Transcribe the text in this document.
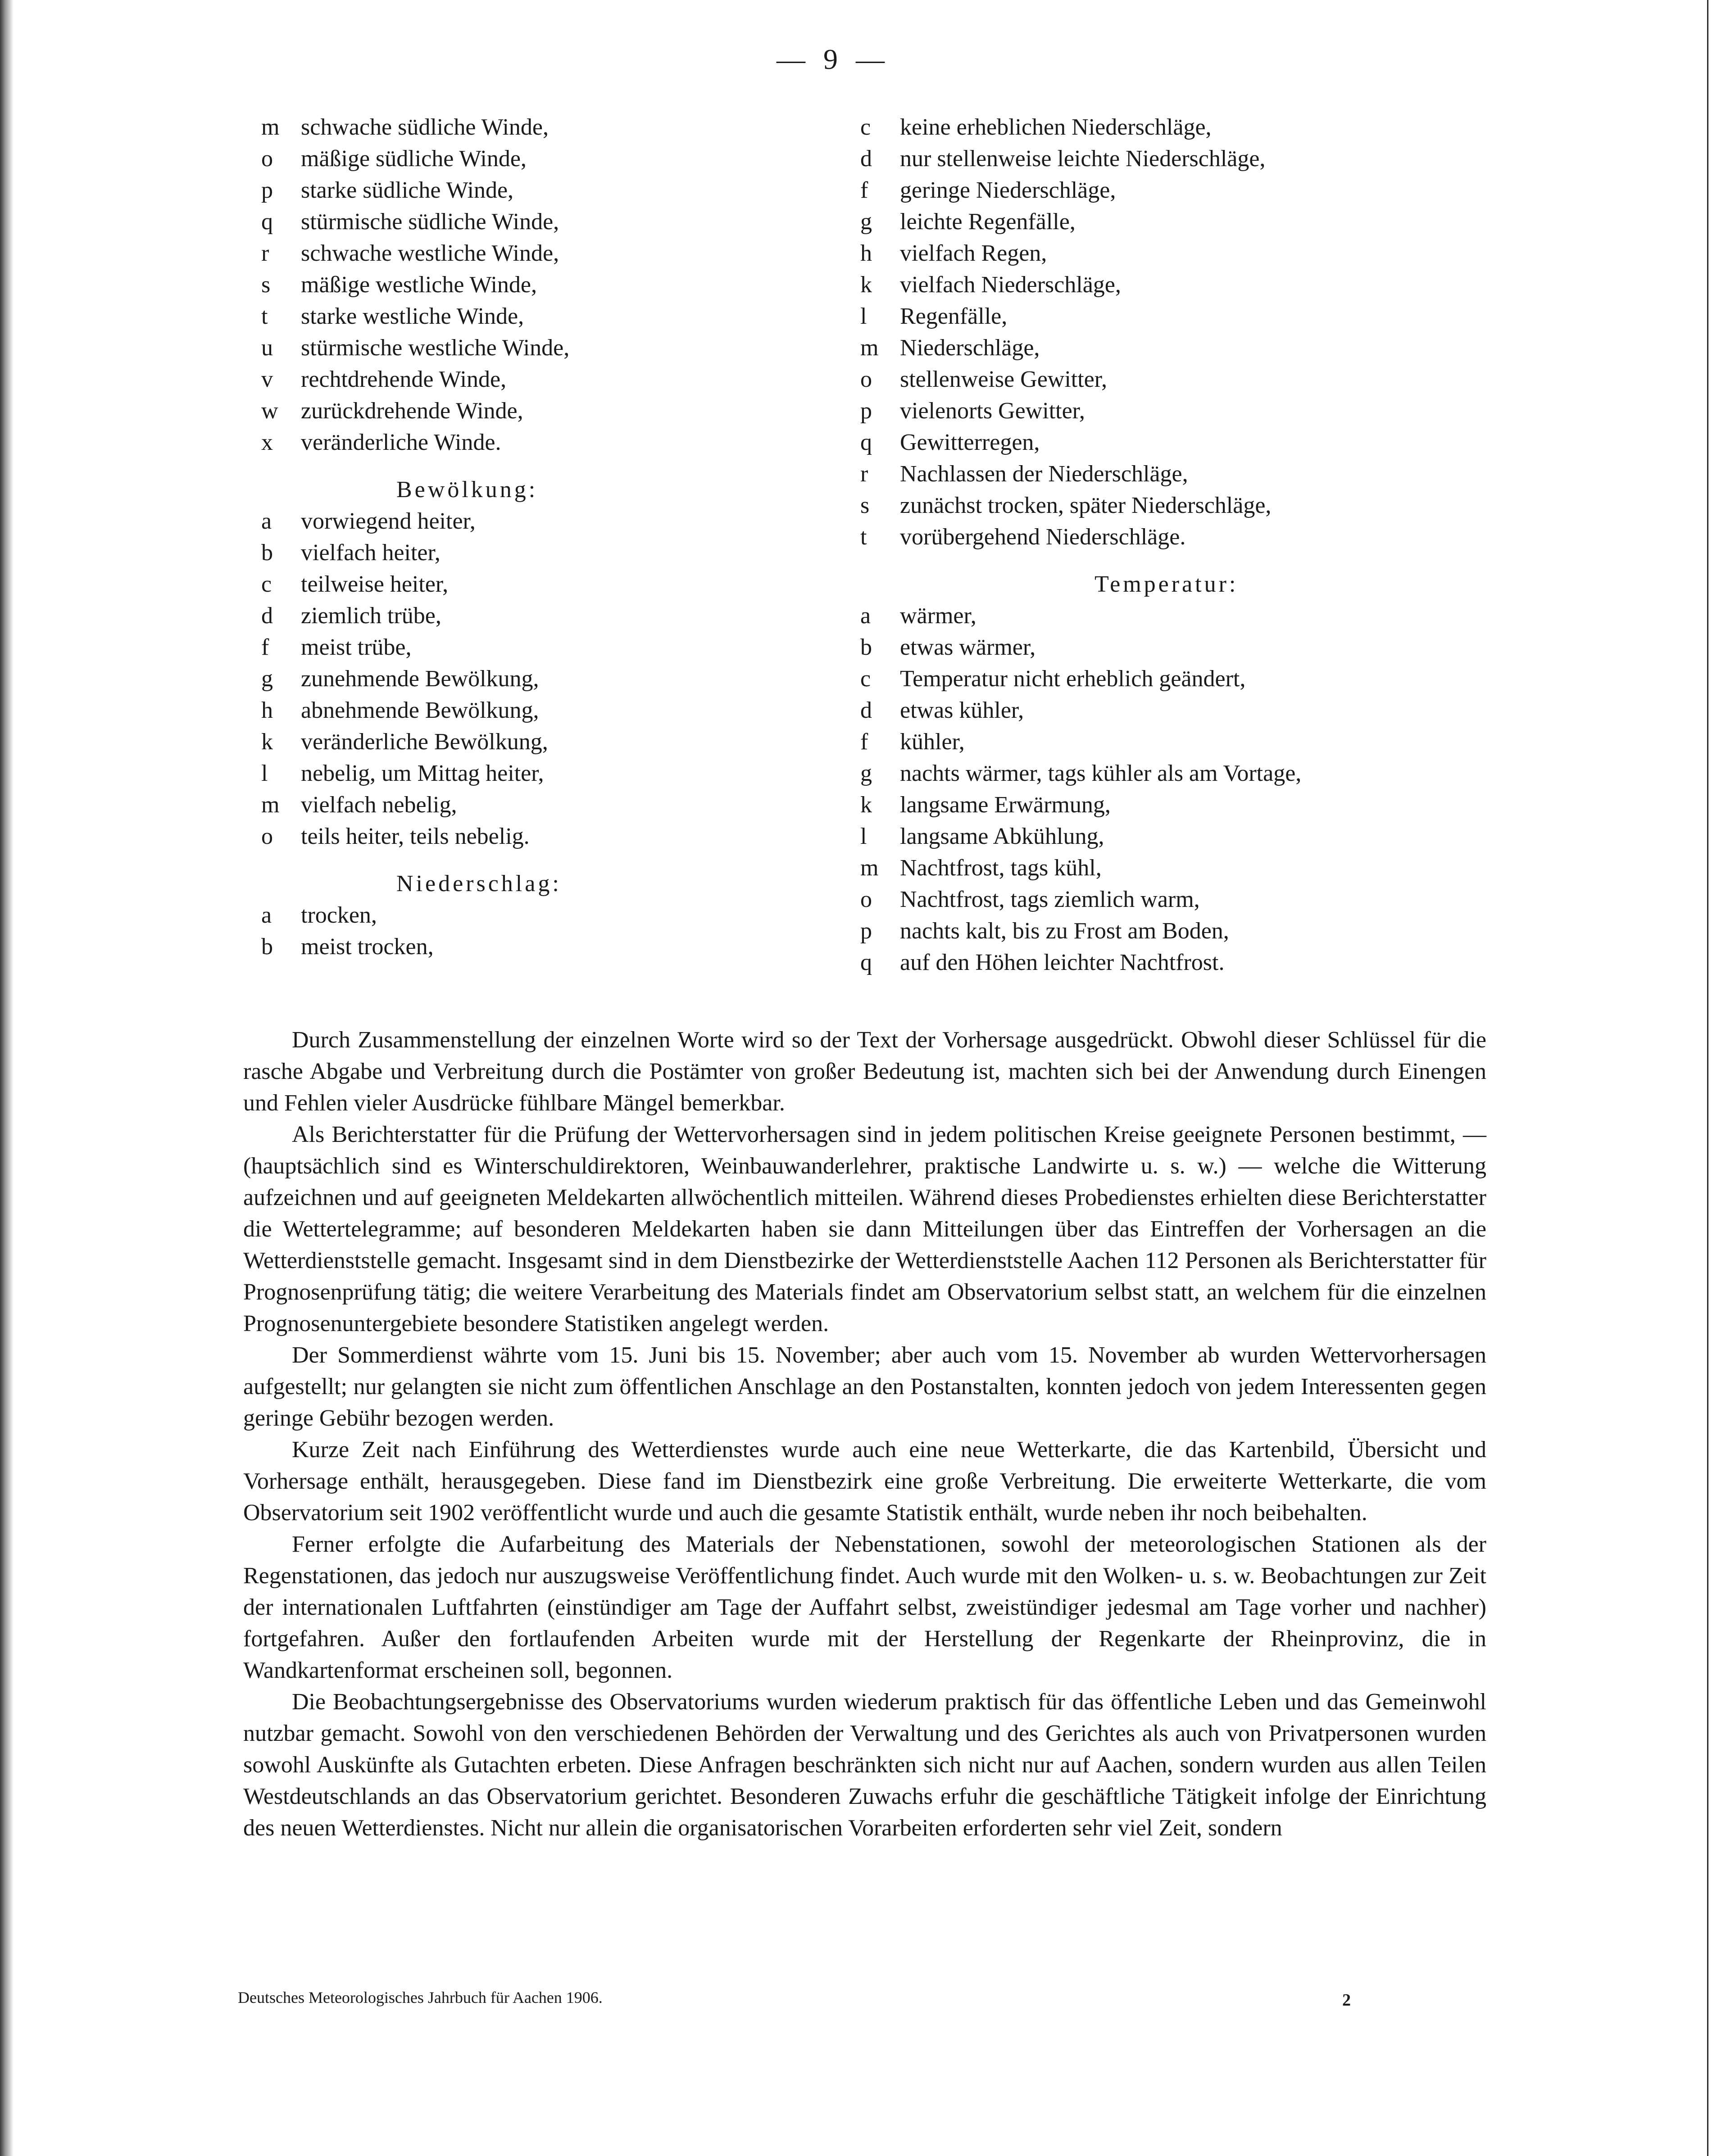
— 9 —
m schwache südliche Winde,
o	mäßige südliche Winde,
p	starke südliche Winde,
q	stürmische südliche Winde,
r	schwache westliche Winde,
s	mäßige westliche Winde,
t	starke westliche Winde,
u	stürmische westliche Winde,
v	rechtdrehende Winde,
w zurückdrehende Winde,
x	veränderliche Winde.
Bewölkung:
a	vorwiegend heiter,
b	vielfach heiter,
c	teilweise heiter,
d	ziemlich trübe,
f	meist trübe,
g	zunehmende Bewölkung,
h	abnehmende Bewölkung,
k	veränderliche Bewölkung,
l	nebelig, um Mittag heiter,
m vielfach nebelig,
o	teils heiter, teils nebelig.
Niederschlag:
a	trocken,
b	meist trocken,
c	keine erheblichen Niederschläge,
d	nur stellenweise leichte Niederschläge,
f	geringe Niederschläge,
g	leichte Regenfälle,
h	vielfach Regen,
k	vielfach Niederschläge,
l	Regenfälle,
m Niederschläge,
o	stellenweise Gewitter,
p	vielenorts Gewitter,
q	Gewitterregen,
r	Nachlassen der Niederschläge,
s	zunächst trocken, später Niederschläge,
t	vorübergehend Niederschläge.
Temperatur:
a	wärmer,
b	etwas wärmer,
c	Temperatur nicht erheblich geändert,
d	etwas kühler,
f	kühler,
g	nachts wärmer, tags kühler als am Vortage,
k	langsame Erwärmung,
l	langsame Abkühlung,
m Nachtfrost, tags kühl,
o	Nachtfrost, tags ziemlich warm,
p	nachts kalt, bis zu Frost am Boden,
q	auf den Höhen leichter Nachtfrost.

Durch Zusammenstellung der einzelnen Worte wird so der Text der Vorhersage ausgedrückt. Obwohl dieser Schlüssel für die rasche Abgabe und Verbreitung durch die Postämter von großer Bedeutung ist, machten sich bei der Anwendung durch Einengen und Fehlen vieler Ausdrücke fühlbare Mängel bemerkbar.

Als Berichterstatter für die Prüfung der Wettervorhersagen sind in jedem politischen Kreise geeignete Personen bestimmt, — (hauptsächlich sind es Winterschuldirektoren, Weinbauwanderlehrer, praktische Landwirte u. s. w.) — welche die Witterung aufzeichnen und auf geeigneten Meldekarten allwöchentlich mitteilen. Während dieses Probedienstes erhielten diese Berichterstatter die Wettertelegramme; auf besonderen Meldekarten haben sie dann Mitteilungen über das Eintreffen der Vorhersagen an die Wetterdienststelle gemacht. Insgesamt sind in dem Dienstbezirke der Wetterdienststelle Aachen 112 Personen als Berichterstatter für Prognosenprüfung tätig; die weitere Verarbeitung des Materials findet am Observatorium selbst statt, an welchem für die einzelnen Prognosenuntergebiete besondere Statistiken angelegt werden.

Der Sommerdienst währte vom 15. Juni bis 15. November; aber auch vom 15. November ab wurden Wettervorhersagen aufgestellt; nur gelangten sie nicht zum öffentlichen Anschlage an den Postanstalten, konnten jedoch von jedem Interessenten gegen geringe Gebühr bezogen werden.

Kurze Zeit nach Einführung des Wetterdienstes wurde auch eine neue Wetterkarte, die das Kartenbild, Übersicht und Vorhersage enthält, herausgegeben. Diese fand im Dienstbezirk eine große Verbreitung. Die erweiterte Wetterkarte, die vom Observatorium seit 1902 veröffentlicht wurde und auch die gesamte Statistik enthält, wurde neben ihr noch beibehalten.

Ferner erfolgte die Aufarbeitung des Materials der Nebenstationen, sowohl der meteorologischen Stationen als der Regenstationen, das jedoch nur auszugsweise Veröffentlichung findet. Auch wurde mit den Wolken- u. s. w. Beobachtungen zur Zeit der internationalen Luftfahrten (einstündiger am Tage der Auffahrt selbst, zweistündiger jedesmal am Tage vorher und nachher) fortgefahren. Außer den fortlaufenden Arbeiten wurde mit der Herstellung der Regenkarte der Rheinprovinz, die in Wandkartenformat erscheinen soll, begonnen.

Die Beobachtungsergebnisse des Observatoriums wurden wiederum praktisch für das öffentliche Leben und das Gemeinwohl nutzbar gemacht. Sowohl von den verschiedenen Behörden der Verwaltung und des Gerichtes als auch von Privatpersonen wurden sowohl Auskünfte als Gutachten erbeten. Diese Anfragen beschränkten sich nicht nur auf Aachen, sondern wurden aus allen Teilen Westdeutschlands an das Observatorium gerichtet. Besonderen Zuwachs erfuhr die geschäftliche Tätigkeit infolge der Einrichtung des neuen Wetterdienstes. Nicht nur allein die organisatorischen Vorarbeiten erforderten sehr viel Zeit, sondern

Deutsches Meteorologisches Jahrbuch für Aachen 1906.	2
